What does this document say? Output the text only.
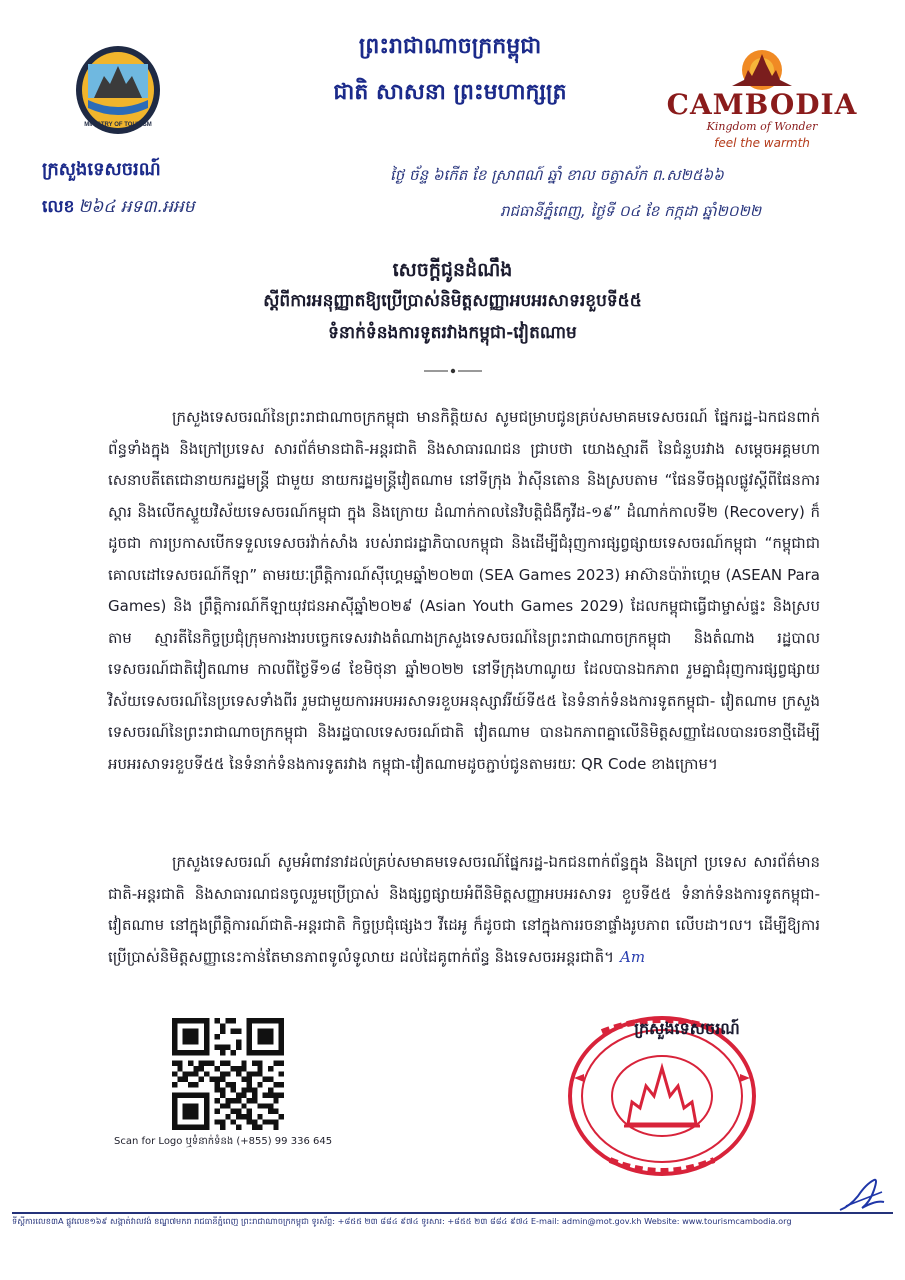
ព្រះរាជាណាចក្រកម្ពុជា
ជាតិ សាសនា ព្រះមហាក្សត្រ
MINISTRY OF TOURISM
CAMBODIA
Kingdom of Wonder
feel the warmth
ក្រសួងទេសចរណ៍
លេខ ២៦៤ អទ៣.អអម
ថ្ងៃ ច័ន្ទ ៦កើត ខែ ស្រាពណ៍ ឆ្នាំ ខាល ចត្វាស័ក ព.ស២៥៦៦
រាជធានីភ្នំពេញ, ថ្ងៃទី ០៤ ខែ កក្កដា ឆ្នាំ២០២២
សេចក្តីជូនដំណឹង
ស្តីពីការអនុញ្ញាតឱ្យប្រើប្រាស់និមិត្តសញ្ញាអបអរសាទរខួបទី៥៥
ទំនាក់ទំនងការទូតរវាងកម្ពុជា-វៀតណាម
ក្រសួងទេសចរណ៍នៃព្រះរាជាណាចក្រកម្ពុជា មានកិត្តិយស សូមជម្រាបជូនគ្រប់សមាគមទេសចរណ៍ ផ្នែករដ្ឋ-ឯកជនពាក់ព័ន្ធទាំងក្នុង និងក្រៅប្រទេស សារព័ត៌មានជាតិ-អន្តរជាតិ និងសាធារណជន ជ្រាបថា យោងស្មារតី នៃជំនួបរវាង សម្តេចអគ្គមហាសេនាបតីតេជោនាយករដ្ឋមន្ត្រី ជាមួយ នាយករដ្ឋមន្ត្រីវៀតណាម នៅទីក្រុង វ៉ាស៊ីនតោន និងស្របតាម “ផែនទីចង្អុលផ្លូវស្តីពីផែនការស្តារ និងលើកស្ទួយវិស័យទេសចរណ៍កម្ពុជា ក្នុង និងក្រោយ ដំណាក់កាលនៃវិបត្តិជំងឺកូវីដ-១៩” ដំណាក់កាលទី២ (Recovery) ក៏ដូចជា ការប្រកាសបើកទទួលទេសចរវ៉ាក់សាំង របស់រាជរដ្ឋាភិបាលកម្ពុជា និងដើម្បីជំរុញការផ្សព្វផ្សាយទេសចរណ៍កម្ពុជា “កម្ពុជាជាគោលដៅទេសចរណ៍កីឡា” តាមរយៈព្រឹត្តិការណ៍ស៊ីហ្គេមឆ្នាំ២០២៣ (SEA Games 2023) អាស៊ានប៉ារ៉ាហ្គេម (ASEAN Para Games) និង ព្រឹត្តិការណ៍កីឡាយុវជនអាស៊ីឆ្នាំ២០២៩ (Asian Youth Games 2029) ដែលកម្ពុជាធ្វើជាម្ចាស់ផ្ទះ និងស្របតាម ស្មារតីនៃកិច្ចប្រជុំក្រុមការងារបច្ចេកទេសរវាងតំណាងក្រសួងទេសចរណ៍នៃព្រះរាជាណាចក្រកម្ពុជា និងតំណាង រដ្ឋបាលទេសចរណ៍ជាតិវៀតណាម កាលពីថ្ងៃទី១៨ ខែមិថុនា ឆ្នាំ២០២២ នៅទីក្រុងហាណូយ ដែលបានឯកភាព រួមគ្នាជំរុញការផ្សព្វផ្សាយវិស័យទេសចរណ៍នៃប្រទេសទាំងពីរ រួមជាមួយការអបអរសាទរខួបអនុស្សាវរីយ៍ទី៥៥ នៃទំនាក់ទំនងការទូតកម្ពុជា- វៀតណាម ក្រសួងទេសចរណ៍នៃព្រះរាជាណាចក្រកម្ពុជា និងរដ្ឋបាលទេសចរណ៍ជាតិ វៀតណាម បានឯកភាពគ្នាលើនិមិត្តសញ្ញាដែលបានរចនាថ្មីដើម្បីអបអរសាទរខួបទី៥៥ នៃទំនាក់ទំនងការទូតរវាង កម្ពុជា-វៀតណាមដូចភ្ជាប់ជូនតាមរយៈ QR Code ខាងក្រោម។
ក្រសួងទេសចរណ៍ សូមអំពាវនាវដល់គ្រប់សមាគមទេសចរណ៍ផ្នែករដ្ឋ-ឯកជនពាក់ព័ន្ធក្នុង និងក្រៅ ប្រទេស សារព័ត៌មានជាតិ-អន្តរជាតិ និងសាធារណជនចូលរួមប្រើប្រាស់ និងផ្សព្វផ្សាយអំពីនិមិត្តសញ្ញាអបអរសាទរ ខួបទី៥៥ ទំនាក់ទំនងការទូតកម្ពុជា- វៀតណាម នៅក្នុងព្រឹត្តិការណ៍ជាតិ-អន្តរជាតិ កិច្ចប្រជុំផ្សេងៗ វីដេអូ ក៏ដូចជា នៅក្នុងការរចនាផ្ទាំងរូបភាព លើបដា។ល។ ដើម្បីឱ្យការប្រើប្រាស់និមិត្តសញ្ញានេះកាន់តែមានភាពទូលំទូលាយ ដល់ដៃគូពាក់ព័ន្ធ និងទេសចរអន្តរជាតិ។ Am
Scan for Logo ឬទំនាក់ទំនង (+855) 99 336 645
ក្រសួងទេសចរណ៍
ទីស្តីការលេខ៣A ផ្លូវលេខ១៦៩ សង្កាត់វាលវង់ ខណ្ឌ៧មករា រាជធានីភ្នំពេញ ព្រះរាជាណាចក្រកម្ពុជា ទូរស័ព្ទ: +៨៥៥ ២៣ ៨៨៤ ៩៧៤ ទូរសារ: +៨៥៥ ២៣ ៨៨៤ ៩៧៤ E-mail: admin@mot.gov.kh Website: www.tourismcambodia.org
